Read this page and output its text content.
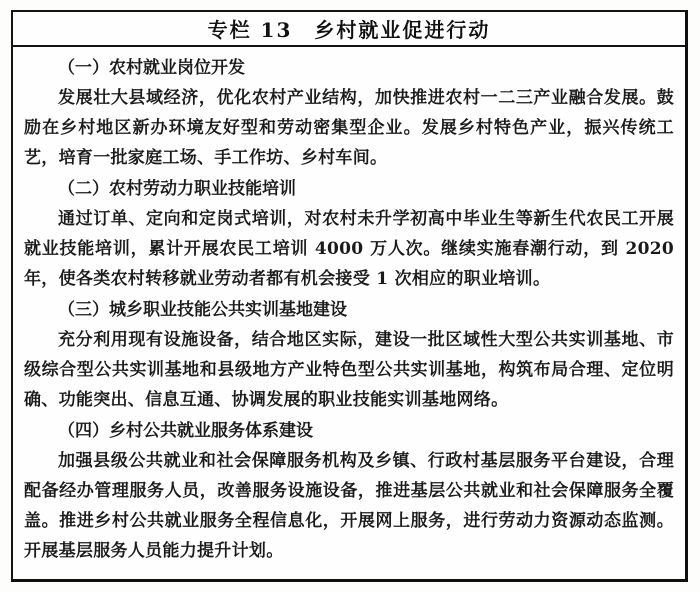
专栏 13　乡村就业促进行动
（一）农村就业岗位开发
发展壮大县域经济，优化农村产业结构，加快推进农村一二三产业融合发展。鼓励在乡村地区新办环境友好型和劳动密集型企业。发展乡村特色产业，振兴传统工艺，培育一批家庭工场、手工作坊、乡村车间。
（二）农村劳动力职业技能培训
通过订单、定向和定岗式培训，对农村未升学初高中毕业生等新生代农民工开展就业技能培训，累计开展农民工培训 4000 万人次。继续实施春潮行动，到 2020 年，使各类农村转移就业劳动者都有机会接受 1 次相应的职业培训。
（三）城乡职业技能公共实训基地建设
充分利用现有设施设备，结合地区实际，建设一批区域性大型公共实训基地、市级综合型公共实训基地和县级地方产业特色型公共实训基地，构筑布局合理、定位明确、功能突出、信息互通、协调发展的职业技能实训基地网络。
（四）乡村公共就业服务体系建设
加强县级公共就业和社会保障服务机构及乡镇、行政村基层服务平台建设，合理配备经办管理服务人员，改善服务设施设备，推进基层公共就业和社会保障服务全覆盖。推进乡村公共就业服务全程信息化，开展网上服务，进行劳动力资源动态监测。开展基层服务人员能力提升计划。
